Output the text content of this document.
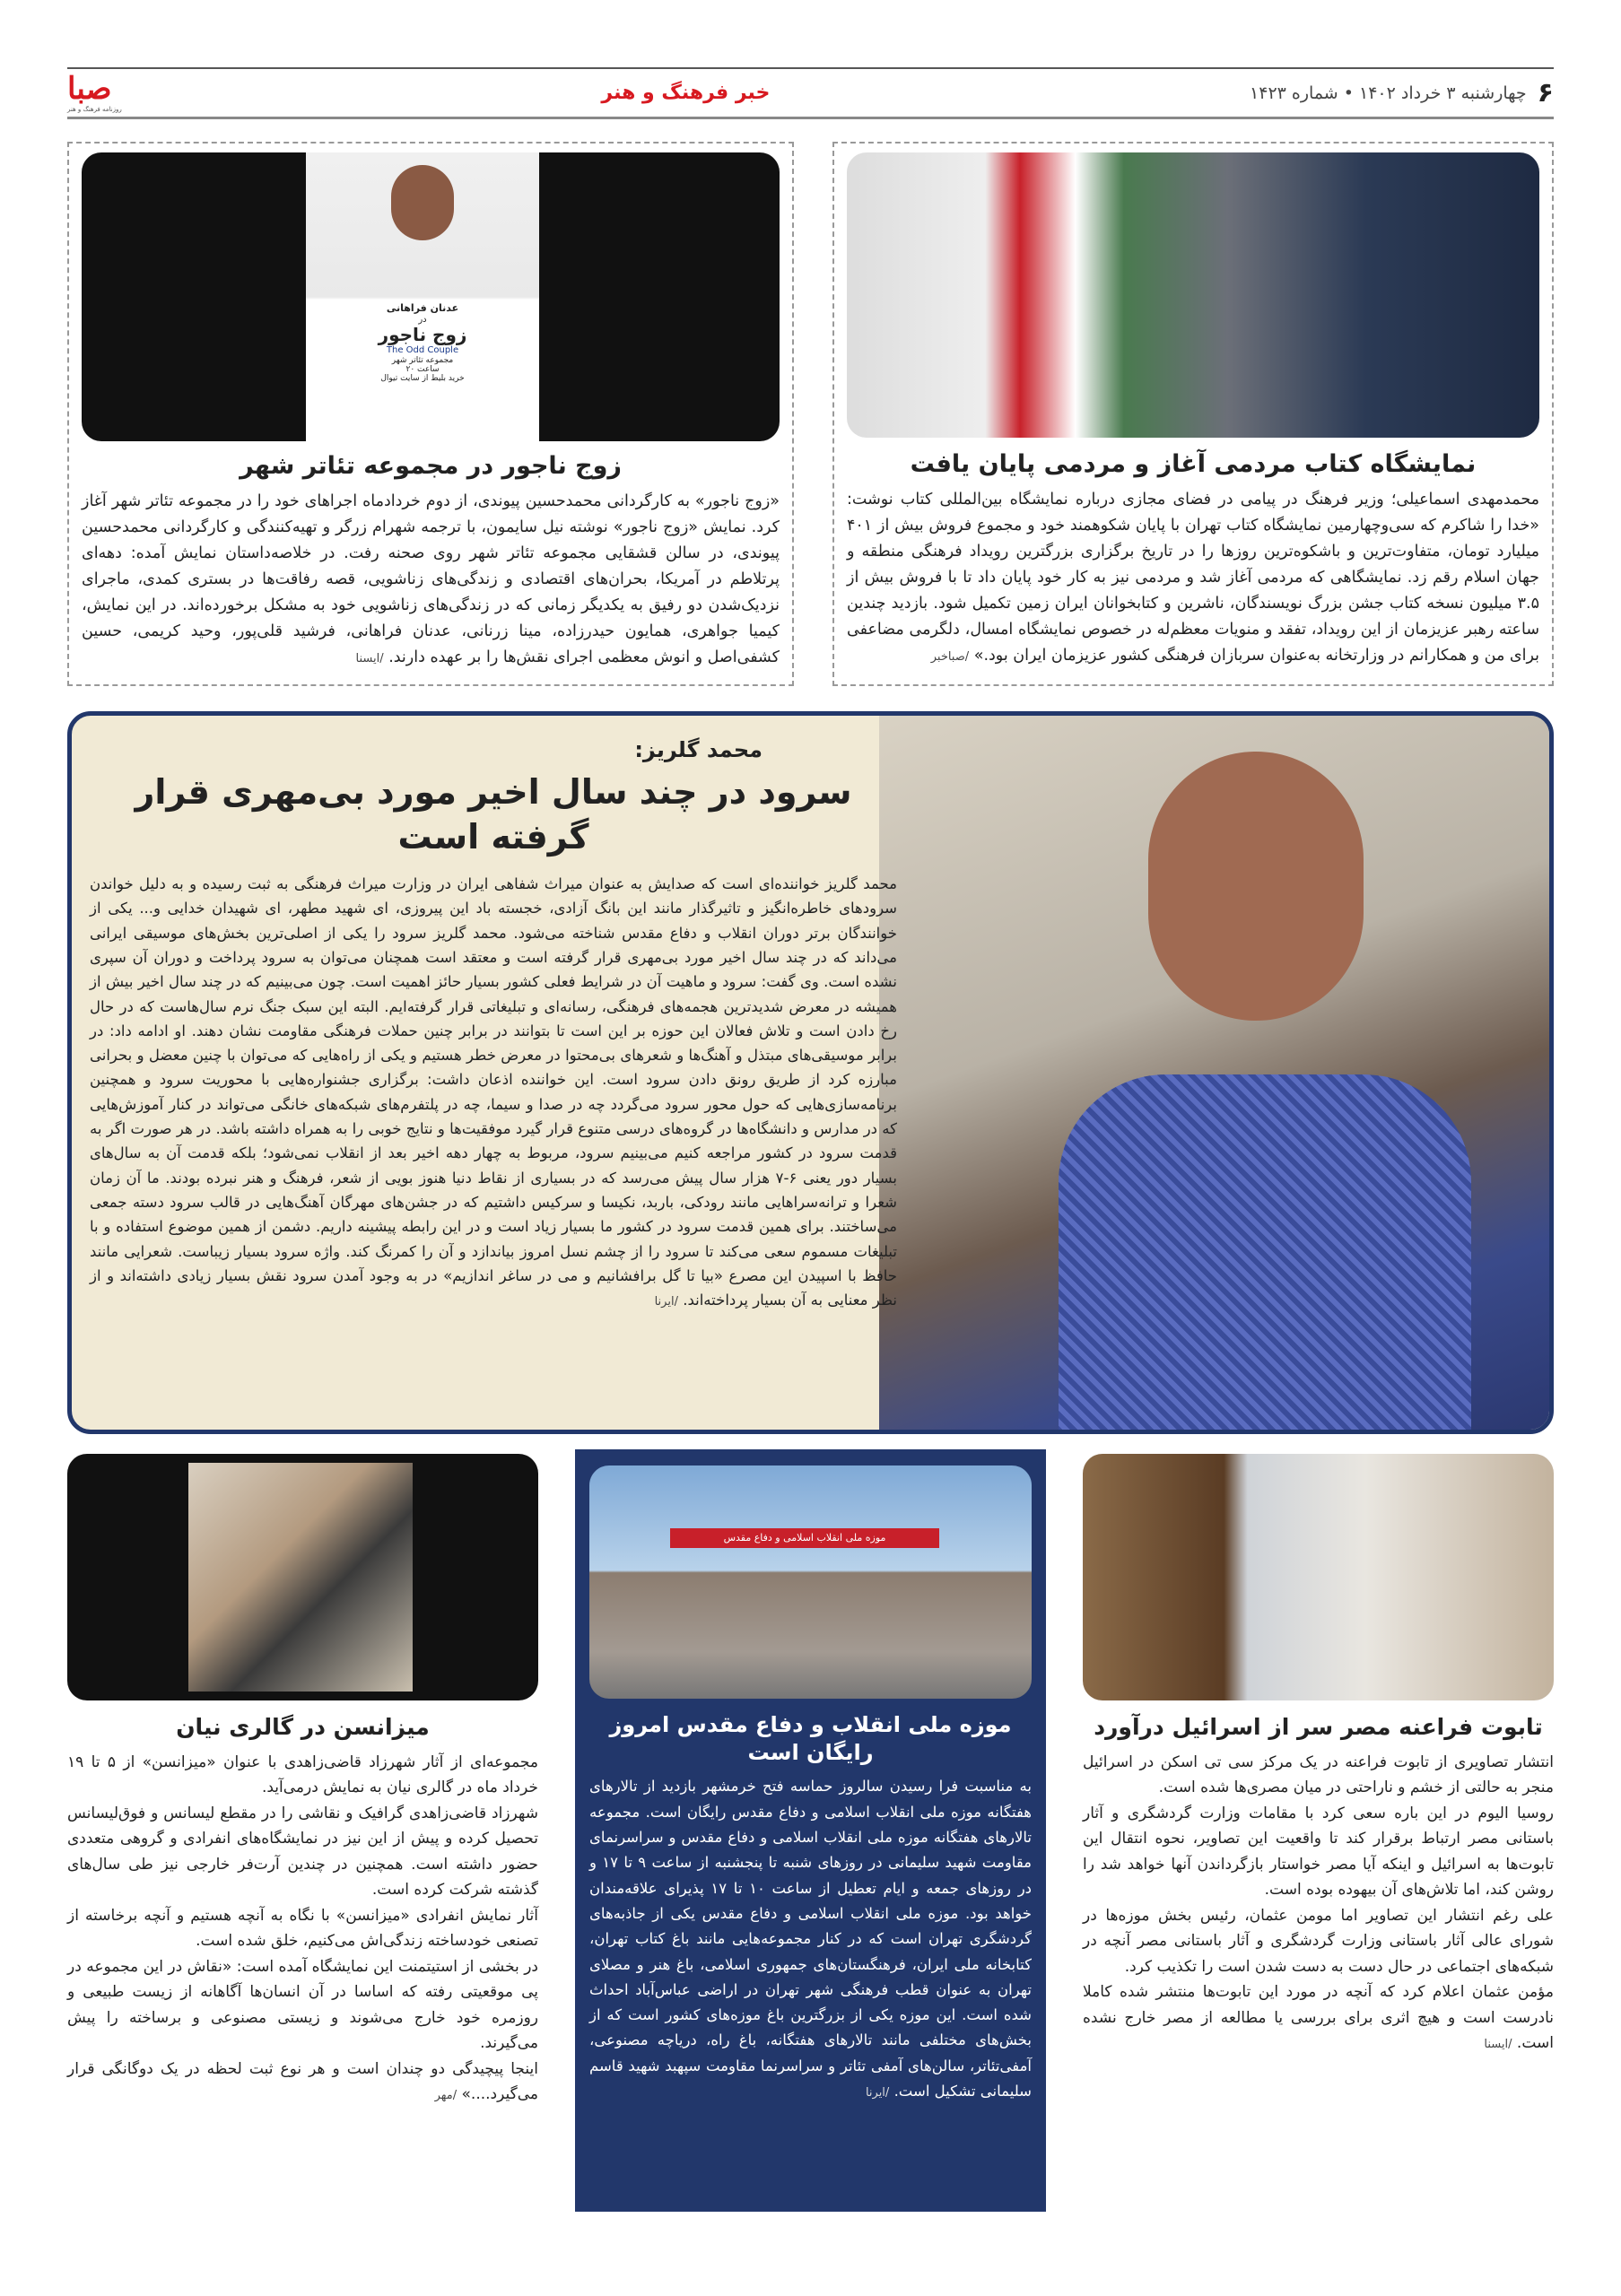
صبا
روزنامه فرهنگ و هنر
خبر فرهنگ و هنر	۶
چهارشنبه ۳ خرداد ۱۴۰۲ • شماره ۱۴۲۳
عدنان فراهانی
در
زوج ناجور
The Odd Couple
مجموعه تئاتر شهر
ساعت ۲۰
خرید بلیط از سایت تیوال
زوج ناجور در مجموعه تئاتر شهر
«زوج ناجور» به کارگردانی محمدحسین پیوندی، از دوم خردادماه اجراهای خود را در مجموعه تئاتر شهر آغاز کرد. نمایش «زوج ناجور» نوشته نیل سایمون، با ترجمه شهرام زرگر و تهیه‌کنندگی و کارگردانی محمدحسین پیوندی، در سالن قشقایی مجموعه تئاتر شهر روی صحنه رفت. در خلاصه‌داستان نمایش آمده: دهه‌ای پرتلاطم در آمریکا، بحران‌های اقتصادی و زندگی‌های زناشویی، قصه رفاقت‌ها در بستری کمدی، ماجرای نزدیک‌شدن دو رفیق به یکدیگر زمانی که در زندگی‌های زناشویی خود به مشکل برخورده‌اند. در این نمایش، کیمیا جواهری، همایون حیدرزاده، مینا زرنانی، عدنان فراهانی، فرشید قلی‌پور، وحید کریمی، حسین کشفی‌اصل و انوش معظمی اجرای نقش‌ها را بر عهده دارند. /ایسنا
نمایشگاه کتاب مردمی آغاز و مردمی پایان یافت
محمدمهدی اسماعیلی؛ وزیر فرهنگ در پیامی در فضای مجازی درباره نمایشگاه بین‌المللی کتاب نوشت: «خدا را شاکرم که سی‌وچهارمین نمایشگاه کتاب تهران با پایان شکوهمند خود و مجموع فروش بیش از ۴۰۱ میلیارد تومان، متفاوت‌ترین و باشکوه‌ترین روزها را در تاریخ برگزاری بزرگترین رویداد فرهنگی منطقه و جهان اسلام رقم زد. نمایشگاهی که مردمی آغاز شد و مردمی نیز به کار خود پایان داد تا با فروش بیش از ۳.۵ میلیون نسخه کتاب جشن بزرگ نویسندگان، ناشرین و کتابخوانان ایران زمین تکمیل شود. بازدید چندین ساعته رهبر عزیزمان از این رویداد، تفقد و منویات معظم‌له در خصوص نمایشگاه امسال، دلگرمی مضاعفی برای من و همکارانم در وزارتخانه به‌عنوان سربازان فرهنگی کشور عزیزمان ایران بود.» /صباخبر
محمد گلریز:
سرود در چند سال اخیر مورد بی‌مهری قرار گرفته است
محمد گلریز خواننده‌ای است که صدایش به عنوان میراث شفاهی ایران در وزارت میراث فرهنگی به ثبت رسیده و به دلیل خواندن سرودهای خاطره‌انگیز و تاثیرگذار مانند این بانگ آزادی، خجسته باد این پیروزی، ای شهید مطهر، ای شهیدان خدایی و... یکی از خوانندگان برتر دوران انقلاب و دفاع مقدس شناخته می‌شود. محمد گلریز سرود را یکی از اصلی‌ترین بخش‌های موسیقی ایرانی می‌داند که در چند سال اخیر مورد بی‌مهری قرار گرفته است و معتقد است همچنان می‌توان به سرود پرداخت و دوران آن سپری نشده است. وی گفت: سرود و ماهیت آن در شرایط فعلی کشور بسیار حائز اهمیت است. چون می‌بینیم که در چند سال اخیر بیش از همیشه در معرض شدیدترین هجمه‌های فرهنگی، رسانه‌ای و تبلیغاتی قرار گرفته‌ایم. البته این سبک جنگ نرم سال‌هاست که در حال رخ دادن است و تلاش فعالان این حوزه بر این است تا بتوانند در برابر چنین حملات فرهنگی مقاومت نشان دهند. او ادامه داد: در برابر موسیقی‌های مبتذل و آهنگ‌ها و شعرهای بی‌محتوا در معرض خطر هستیم و یکی از راه‌هایی که می‌توان با چنین معضل و بحرانی مبارزه کرد از طریق رونق دادن سرود است. این خواننده اذعان داشت: برگزاری جشنواره‌هایی با محوریت سرود و همچنین برنامه‌سازی‌هایی که حول محور سرود می‌گردد چه در صدا و سیما، چه در پلتفرم‌های شبکه‌های خانگی می‌تواند در کنار آموزش‌هایی که در مدارس و دانشگاه‌ها در گروه‌های درسی متنوع قرار گیرد موفقیت‌ها و نتایج خوبی را به همراه داشته باشد. در هر صورت اگر به قدمت سرود در کشور مراجعه کنیم می‌بینیم سرود، مربوط به چهار دهه اخیر بعد از انقلاب نمی‌شود؛ بلکه قدمت آن به سال‌های بسیار دور یعنی ۶-۷ هزار سال پیش می‌رسد که در بسیاری از نقاط دنیا هنوز بویی از شعر، فرهنگ و هنر نبرده بودند. ما آن زمان شعرا و ترانه‌سراهایی مانند رودکی، باربد، نکیسا و سرکیس داشتیم که در جشن‌های مهرگان آهنگ‌هایی در قالب سرود دسته جمعی می‌ساختند. برای همین قدمت سرود در کشور ما بسیار زیاد است و در این رابطه پیشینه داریم. دشمن از همین موضوع استفاده و با تبلیغات مسموم سعی می‌کند تا سرود را از چشم نسل امروز بیاندازد و آن را کمرنگ کند. واژه سرود بسیار زیباست. شعرایی مانند حافظ با اسپیدن این مصرع «بیا تا گل برافشانیم و می در ساغر اندازیم» در به وجود آمدن سرود نقش بسیار زیادی داشته‌اند و از نظر معنایی به آن بسیار پرداخته‌اند. /ایرنا
میزانسن در گالری نیان

مجموعه‌ای از آثار شهرزاد قاضی‌زاهدی با عنوان «میزانسن» از ۵ تا ۱۹ خرداد ماه در گالری نیان به نمایش درمی‌آید.

شهرزاد قاضی‌زاهدی گرافیک و نقاشی را در مقطع لیسانس و فوق‌لیسانس تحصیل کرده و پیش از این نیز در نمایشگاه‌های انفرادی و گروهی متعددی حضور داشته است. همچنین در چندین آرت‌فر خارجی نیز طی سال‌های گذشته شرکت کرده است.

آثار نمایش انفرادی «میزانسن» با نگاه به آنچه هستیم و آنچه برخاسته از تصنعی خودساخته زندگی‌اش می‌کنیم، خلق شده است.

در بخشی از استیتمنت این نمایشگاه آمده است: «نقاش در این مجموعه در پی موقعیتی رفته که اساسا در آن انسان‌ها آگاهانه از زیست طبیعی و روزمره خود خارج می‌شوند و زیستی مصنوعی و برساخته را پیش می‌گیرند.

اینجا پیچیدگی دو چندان است و هر نوع ثبت لحظه در یک دوگانگی قرار می‌گیرد....» /مهر

موزه ملی انقلاب اسلامی و دفاع مقدس
موزه ملی انقلاب و دفاع مقدس امروز رایگان است
به مناسبت فرا رسیدن سالروز حماسه فتح خرمشهر بازدید از تالارهای هفتگانه موزه ملی انقلاب اسلامی و دفاع مقدس رایگان است. مجموعه تالارهای هفتگانه موزه ملی انقلاب اسلامی و دفاع مقدس و سراسرنمای مقاومت شهید سلیمانی در روزهای شنبه تا پنجشنبه از ساعت ۹ تا ۱۷ و در روزهای جمعه و ایام تعطیل از ساعت ۱۰ تا ۱۷ پذیرای علاقه‌مندان خواهد بود. موزه ملی انقلاب اسلامی و دفاع مقدس یکی از جاذبه‌های گردشگری تهران است که در کنار مجموعه‌هایی مانند باغ کتاب تهران، کتابخانه ملی ایران، فرهنگستان‌های جمهوری اسلامی، باغ هنر و مصلای تهران به عنوان قطب فرهنگی شهر تهران در اراضی عباس‌آباد احداث شده است. این موزه یکی از بزرگترین باغ موزه‌های کشور است که از بخش‌های مختلفی مانند تالارهای هفتگانه، باغ راه، دریاچه مصنوعی، آمفی‌تئاتر، سالن‌های آمفی تئاتر و سراسرنما مقاومت سپهبد شهید قاسم سلیمانی تشکیل است. /ایرنا
تابوت فراعنه مصر سر از اسرائیل درآورد

انتشار تصاویری از تابوت فراعنه در یک مرکز سی تی اسکن در اسرائیل منجر به حالتی از خشم و ناراحتی در میان مصری‌ها شده است.

روسیا الیوم در این باره سعی کرد با مقامات وزارت گردشگری و آثار باستانی مصر ارتباط برقرار کند تا واقعیت این تصاویر، نحوه انتقال این تابوت‌ها به اسرائیل و اینکه آیا مصر خواستار بازگرداندن آنها خواهد شد را روشن کند، اما تلاش‌های آن بیهوده بوده است.

علی رغم انتشار این تصاویر اما مومن عثمان، رئیس بخش موزه‌ها در شورای عالی آثار باستانی وزارت گردشگری و آثار باستانی مصر آنچه در شبکه‌های اجتماعی در حال دست به دست شدن است را تکذیب کرد.

مؤمن عثمان اعلام کرد که آنچه در مورد این تابوت‌ها منتشر شده کاملا نادرست است و هیچ اثری برای بررسی یا مطالعه از مصر خارج نشده است. /ایسنا
